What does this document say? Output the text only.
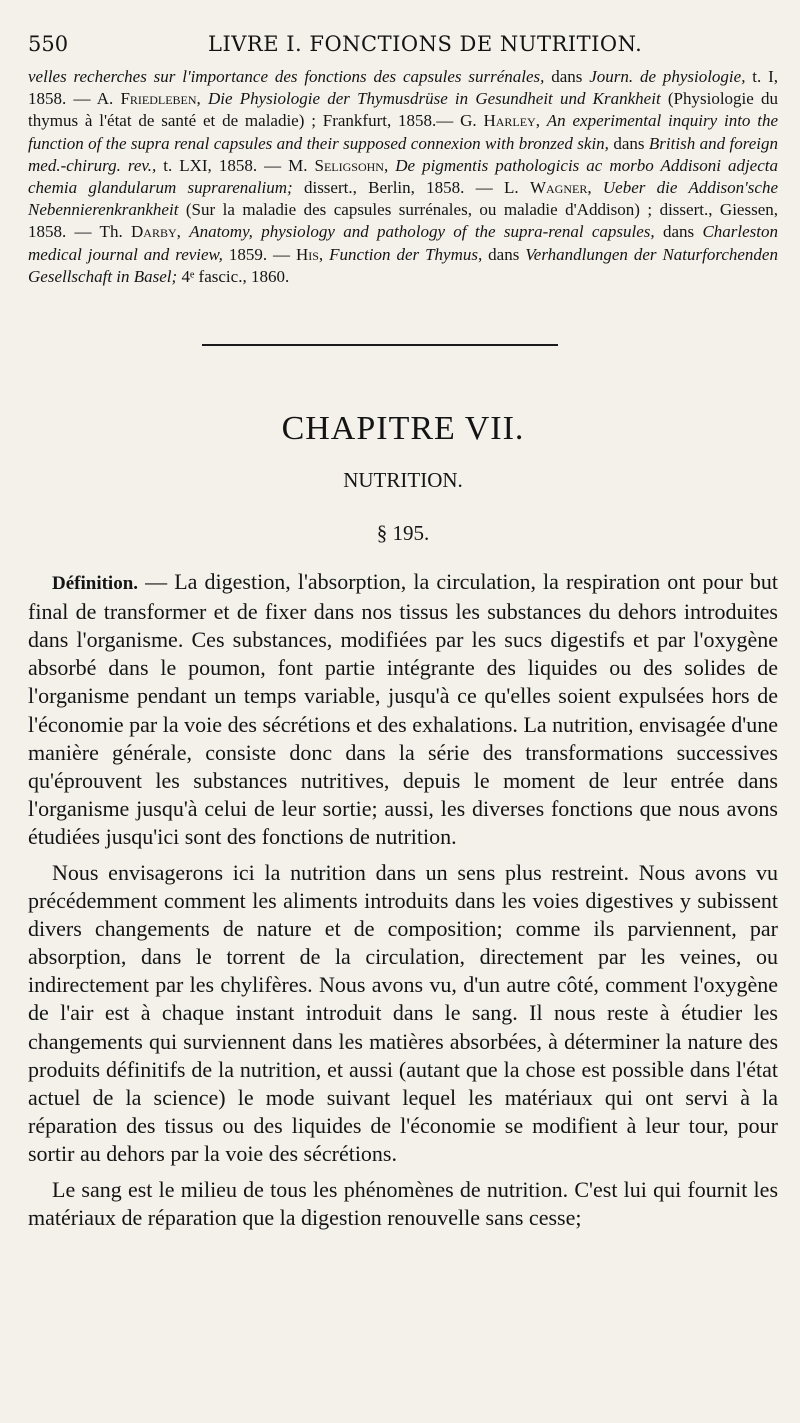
550	LIVRE I. FONCTIONS DE NUTRITION.

velles recherches sur l'importance des fonctions des capsules surrénales, dans Journ. de physiologie, t. I, 1858. — A. Friedleben, Die Physiologie der Thymusdrüse in Gesundheit und Krankheit (Physiologie du thymus à l'état de santé et de maladie) ; Frankfurt, 1858.— G. Harley, An experimental inquiry into the function of the supra renal capsules and their supposed connexion with bronzed skin, dans British and foreign med.-chirurg. rev., t. LXI, 1858. — M. Seligsohn, De pigmentis pathologicis ac morbo Addisoni adjecta chemia glandularum suprarenalium; dissert., Berlin, 1858. — L. Wagner, Ueber die Addison'sche Nebennierenkrankheit (Sur la maladie des capsules surrénales, ou maladie d'Addison) ; dissert., Giessen, 1858. — Th. Darby, Anatomy, physiology and pathology of the supra-renal capsules, dans Charleston medical journal and review, 1859. — His, Function der Thymus, dans Verhandlungen der Naturforchenden Gesellschaft in Basel; 4ᵉ fascic., 1860.

CHAPITRE VII.
NUTRITION.
§ 195.

Définition. — La digestion, l'absorption, la circulation, la respiration ont pour but final de transformer et de fixer dans nos tissus les substances du dehors introduites dans l'organisme. Ces substances, modifiées par les sucs digestifs et par l'oxygène absorbé dans le poumon, font partie intégrante des liquides ou des solides de l'organisme pendant un temps variable, jusqu'à ce qu'elles soient expulsées hors de l'économie par la voie des sécrétions et des exhalations. La nutrition, envisagée d'une manière générale, consiste donc dans la série des transformations successives qu'éprouvent les substances nutritives, depuis le moment de leur entrée dans l'organisme jusqu'à celui de leur sortie; aussi, les diverses fonctions que nous avons étudiées jusqu'ici sont des fonctions de nutrition.

Nous envisagerons ici la nutrition dans un sens plus restreint. Nous avons vu précédemment comment les aliments introduits dans les voies digestives y subissent divers changements de nature et de composition; comme ils parviennent, par absorption, dans le torrent de la circulation, directement par les veines, ou indirectement par les chylifères. Nous avons vu, d'un autre côté, comment l'oxygène de l'air est à chaque instant introduit dans le sang. Il nous reste à étudier les changements qui surviennent dans les matières absorbées, à déterminer la nature des produits définitifs de la nutrition, et aussi (autant que la chose est possible dans l'état actuel de la science) le mode suivant lequel les matériaux qui ont servi à la réparation des tissus ou des liquides de l'économie se modifient à leur tour, pour sortir au dehors par la voie des sécrétions.

Le sang est le milieu de tous les phénomènes de nutrition. C'est lui qui fournit les matériaux de réparation que la digestion renouvelle sans cesse;
